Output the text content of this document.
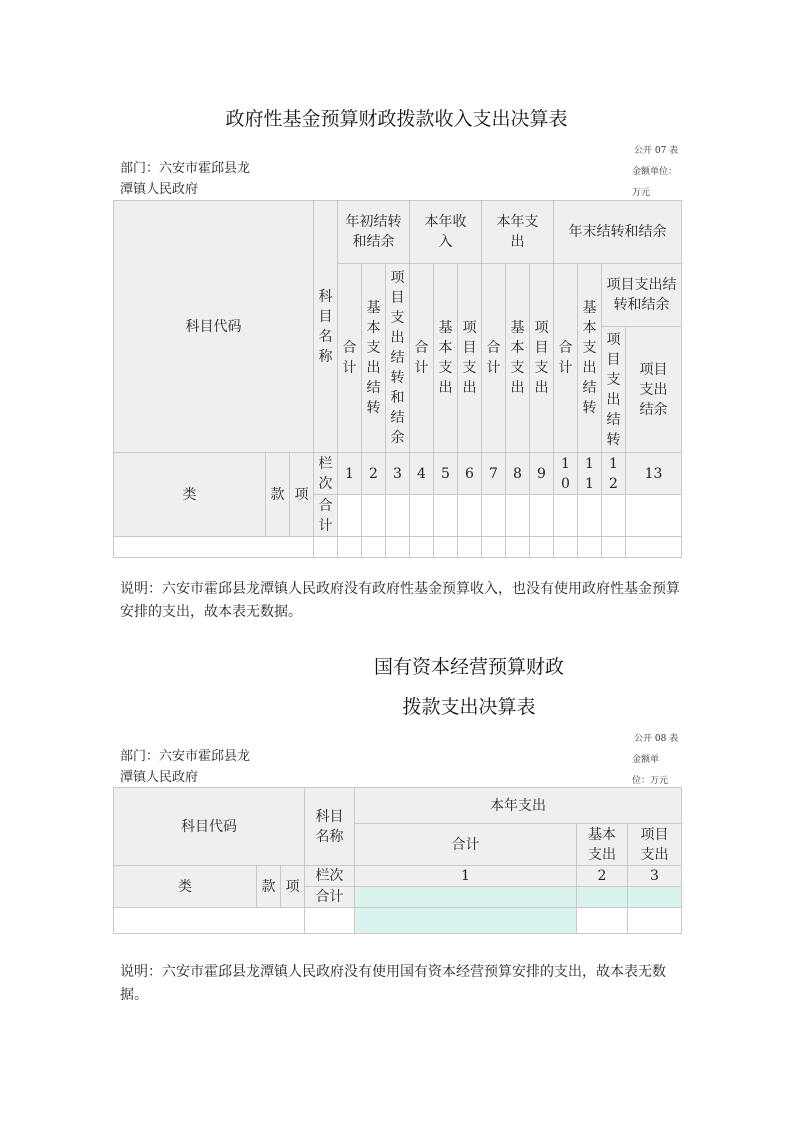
政府性基金预算财政拨款收入支出决算表
公开 07 表
部门：六安市霍邱县龙
潭镇人民政府
金额单位：
万元
科目代码			科目名称	年初结转和结余			本年收入			本年支出			年末结转和结余			
				合计	基本支出结转	项目支出结转和结余	合计	基本支出	项目支出	合计	基本支出	项目支出	合计	基本支出结转	项目支出结转和结余	

															项目支出结转	项目支出结余

类	款	项	栏次	1	2	3	4	5	6	7	8	9	10	11	12	13
			合计													

说明：六安市霍邱县龙潭镇人民政府没有政府性基金预算收入，也没有使用政府性基金预算安排的支出，故本表无数据。
国有资本经营预算财政
拨款支出决算表
公开 08 表
部门：六安市霍邱县龙
潭镇人民政府
金额单
位：万元
科目代码			科目名称	本年支出		
				合计	基本支出	项目支出

类	款	项	栏次	1	2	3
			合计			

说明：六安市霍邱县龙潭镇人民政府没有使用国有资本经营预算安排的支出，故本表无数据。
